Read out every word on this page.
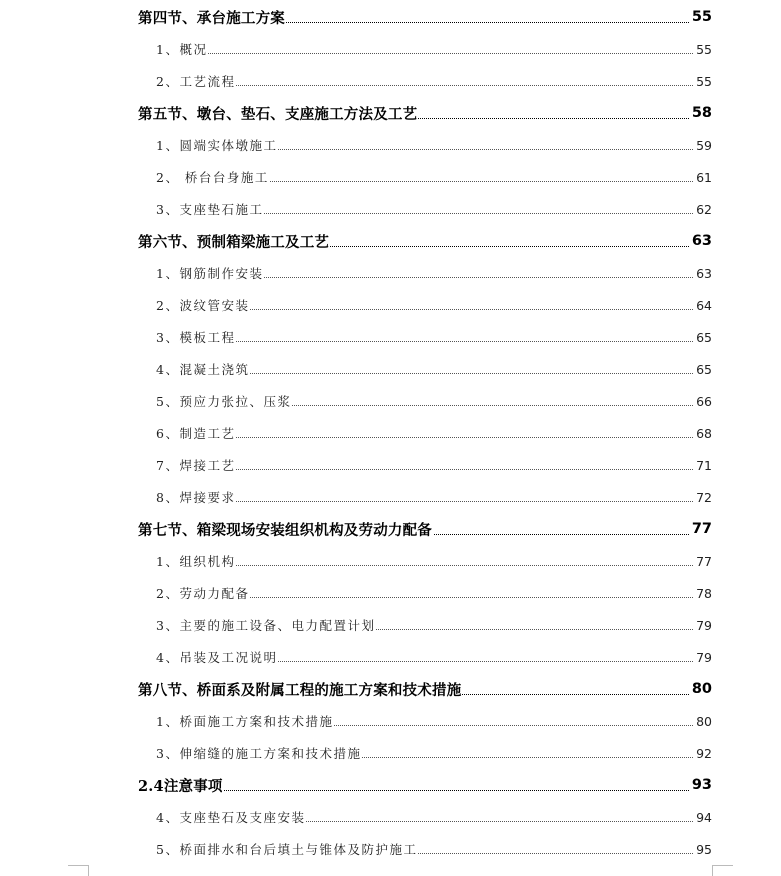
第四节、承台施工方案	55
1、概况	55
2、工艺流程	55
第五节、墩台、垫石、支座施工方法及工艺	58
1、圆端实体墩施工	59
2、 桥台台身施工	61
3、支座垫石施工	62
第六节、预制箱梁施工及工艺	63
1、钢筋制作安装	63
2、波纹管安装	64
3、模板工程	65
4、混凝土浇筑	65
5、预应力张拉、压浆	66
6、制造工艺	68
7、焊接工艺	71
8、焊接要求	72
第七节、箱梁现场安装组织机构及劳动力配备	77
1、组织机构	77
2、劳动力配备	78
3、主要的施工设备、电力配置计划	79
4、吊装及工况说明	79
第八节、桥面系及附属工程的施工方案和技术措施	80
1、桥面施工方案和技术措施	80
3、伸缩缝的施工方案和技术措施	92
2.4注意事项	93
4、支座垫石及支座安装	94
5、桥面排水和台后填土与锥体及防护施工	95
